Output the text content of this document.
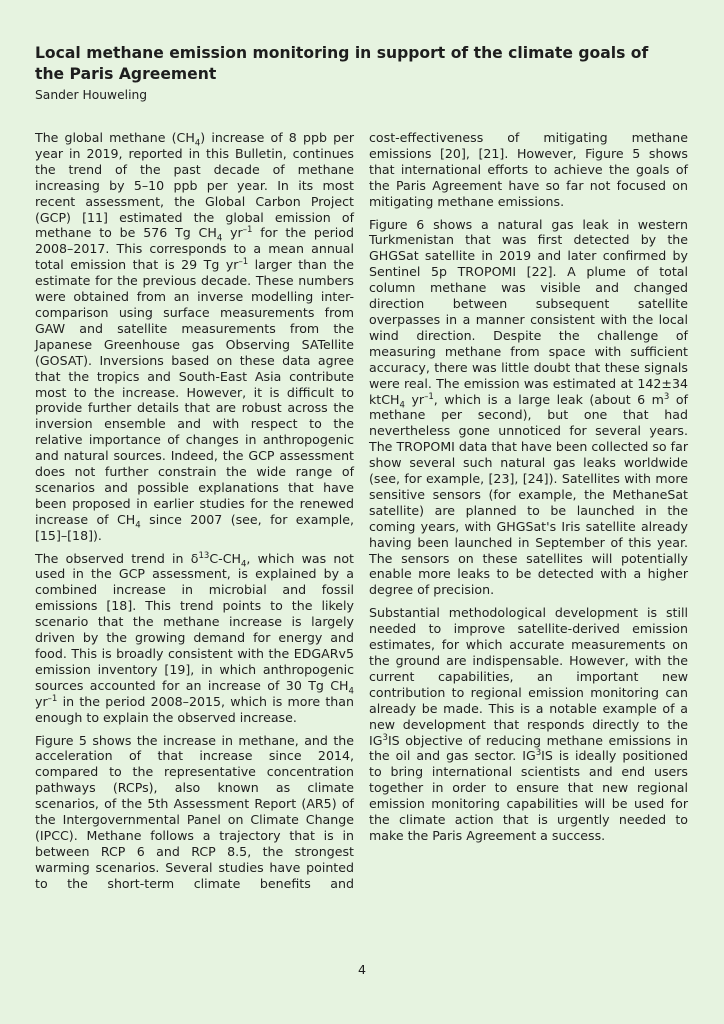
Local methane emission monitoring in support of the climate goals of the Paris Agreement
Sander Houweling

The global methane $(CH_4)$ increase of 8 ppb per year in 2019, reported in this Bulletin, continues the trend of the past decade of methane increasing by 5–10 ppb per year. In its most recent assessment, the Global Carbon Project (GCP) [11] estimated the global emission of methane to be 576 Tg $CH_4$ $yr^{-1}$ for the period 2008–2017. This corresponds to a mean annual total emission that is 29 Tg $yr^{-1}$ larger than the estimate for the previous decade. These numbers were obtained from an inverse modelling inter-comparison using surface measurements from GAW and satellite measurements from the Japanese Greenhouse gas Observing SATellite (GOSAT). Inversions based on these data agree that the tropics and South-East Asia contribute most to the increase. However, it is difficult to provide further details that are robust across the inversion ensemble and with respect to the relative importance of changes in anthropogenic and natural sources. Indeed, the GCP assessment does not further constrain the wide range of scenarios and possible explanations that have been proposed in earlier studies for the renewed increase of $CH_4$ since 2007 (see, for example, [15]–[18]).

The observed trend in $\delta^{13}C-CH_4$, which was not used in the GCP assessment, is explained by a combined increase in microbial and fossil emissions [18]. This trend points to the likely scenario that the methane increase is largely driven by the growing demand for energy and food. This is broadly consistent with the EDGARv5 emission inventory [19], in which anthropogenic sources accounted for an increase of 30 Tg $CH_4$ $yr^{-1}$ in the period 2008–2015, which is more than enough to explain the observed increase.

Figure 5 shows the increase in methane, and the acceleration of that increase since 2014, compared to the representative concentration pathways (RCPs), also known as climate scenarios, of the 5th Assessment Report (AR5) of the Intergovernmental Panel on Climate Change (IPCC). Methane follows a trajectory that is in between RCP 6 and RCP 8.5, the strongest warming scenarios. Several studies have pointed to the short-term climate benefits and

cost-effectiveness of mitigating methane emissions [20], [21]. However, Figure 5 shows that international efforts to achieve the goals of the Paris Agreement have so far not focused on mitigating methane emissions.

Figure 6 shows a natural gas leak in western Turkmenistan that was first detected by the GHGSat satellite in 2019 and later confirmed by Sentinel 5p TROPOMI [22]. A plume of total column methane was visible and changed direction between subsequent satellite overpasses in a manner consistent with the local wind direction. Despite the challenge of measuring methane from space with sufficient accuracy, there was little doubt that these signals were real. The emission was estimated at 142±34 ktCH$_4$ $yr^{-1}$, which is a large leak (about 6 $m^3$ of methane per second), but one that had nevertheless gone unnoticed for several years. The TROPOMI data that have been collected so far show several such natural gas leaks worldwide (see, for example, [23], [24]). Satellites with more sensitive sensors (for example, the MethaneSat satellite) are planned to be launched in the coming years, with GHGSat's Iris satellite already having been launched in September of this year. The sensors on these satellites will potentially enable more leaks to be detected with a higher degree of precision.

Substantial methodological development is still needed to improve satellite-derived emission estimates, for which accurate measurements on the ground are indispensable. However, with the current capabilities, an important new contribution to regional emission monitoring can already be made. This is a notable example of a new development that responds directly to the $IG^3IS$ objective of reducing methane emissions in the oil and gas sector. $IG^3IS$ is ideally positioned to bring international scientists and end users together in order to ensure that new regional emission monitoring capabilities will be used for the climate action that is urgently needed to make the Paris Agreement a success.

4
